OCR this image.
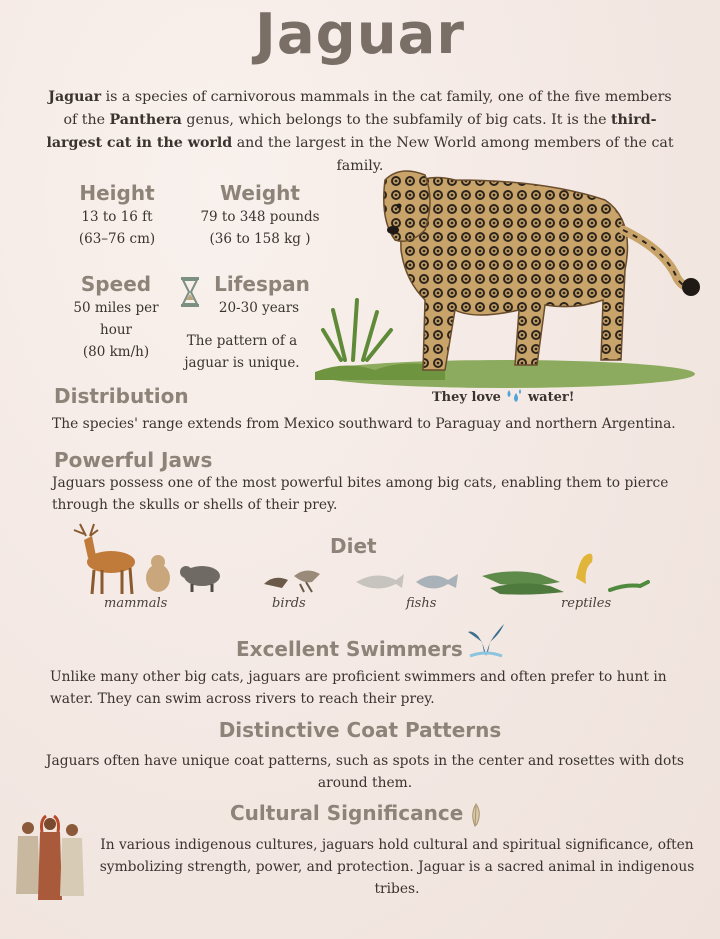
Jaguar
Jaguar is a species of carnivorous mammals in the cat family, one of the five members of the Panthera genus, which belongs to the subfamily of big cats. It is the third-largest cat in the world and the largest in the New World among members of the cat family.
Height
13 to 16 ft
(63–76 cm)
Weight
79 to 348 pounds
(36 to 158 kg )
Speed
50 miles per
hour
(80 km/h)
Lifespan
20-30 years
The pattern of a
jaguar is unique.
They love water!
Distribution
The species' range extends from Mexico southward to Paraguay and northern Argentina.
Powerful Jaws
Jaguars possess one of the most powerful bites among big cats, enabling them to pierce
through the skulls or shells of their prey.
Diet
mammals	birds	fishs	reptiles
Excellent Swimmers
Unlike many other big cats, jaguars are proficient swimmers and often prefer to hunt in
water. They can swim across rivers to reach their prey.
Distinctive Coat Patterns
Jaguars often have unique coat patterns, such as spots in the center and rosettes with dots
around them.
Cultural Significance
In various indigenous cultures, jaguars hold cultural and spiritual significance, often
symbolizing strength, power, and protection. Jaguar is a sacred animal in indigenous
tribes.
